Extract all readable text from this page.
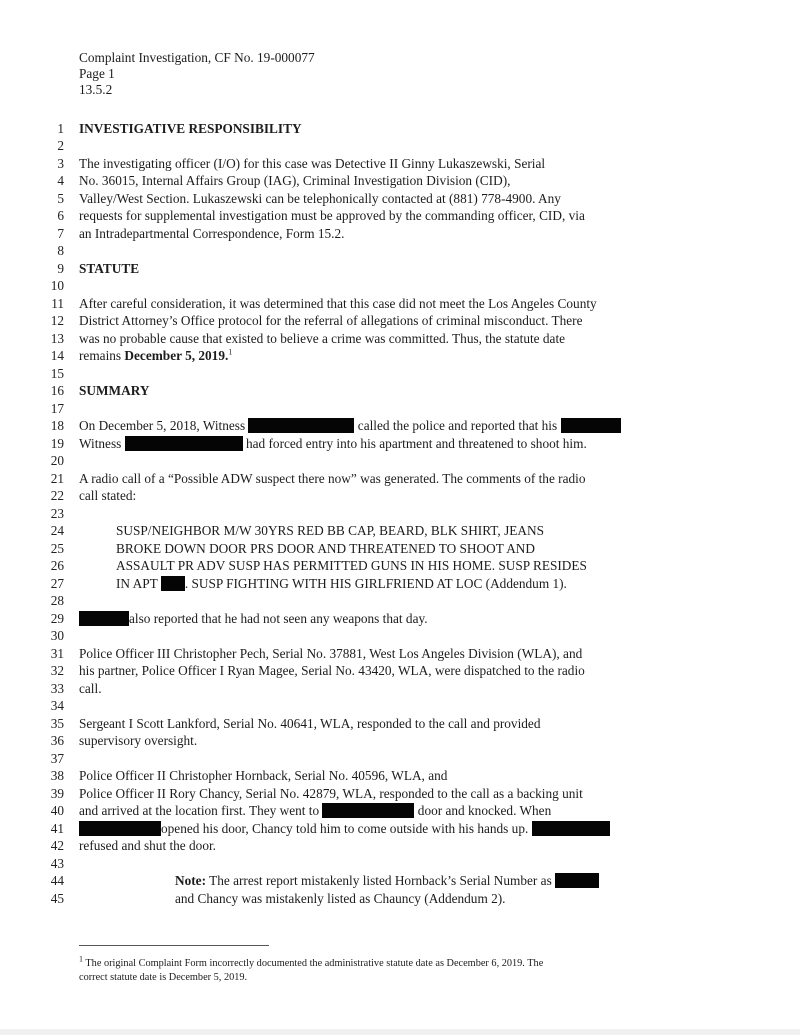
Complaint Investigation, CF No. 19-000077
Page 1
13.5.2
1
2
3
4
5
6
7
8
9
10
11
12
13
14
15
16
17
18
19
20
21
22
23
24
25
26
27
28
29
30
31
32
33
34
35
36
37
38
39
40
41
42
43
44
45
INVESTIGATIVE RESPONSIBILITY
The investigating officer (I/O) for this case was Detective II Ginny Lukaszewski, Serial
No. 36015, Internal Affairs Group (IAG), Criminal Investigation Division (CID),
Valley/West Section. Lukaszewski can be telephonically contacted at (881) 778-4900. Any
requests for supplemental investigation must be approved by the commanding officer, CID, via
an Intradepartmental Correspondence, Form 15.2.
STATUTE
After careful consideration, it was determined that this case did not meet the Los Angeles County
District Attorney’s Office protocol for the referral of allegations of criminal misconduct. There
was no probable cause that existed to believe a crime was committed. Thus, the statute date
remains December 5, 2019.$^1$
SUMMARY
On December 5, 2018, Witness	called the police and reported that his
Witness	had forced entry into his apartment and threatened to shoot him.
A radio call of a “Possible ADW suspect there now” was generated. The comments of the radio
call stated:
SUSP/NEIGHBOR M/W 30YRS RED BB CAP, BEARD, BLK SHIRT, JEANS
BROKE DOWN DOOR PRS DOOR AND THREATENED TO SHOOT AND
ASSAULT PR ADV SUSP HAS PERMITTED GUNS IN HIS HOME. SUSP RESIDES
IN APT . SUSP FIGHTING WITH HIS GIRLFRIEND AT LOC (Addendum 1).
also reported that he had not seen any weapons that day.
Police Officer III Christopher Pech, Serial No. 37881, West Los Angeles Division (WLA), and
his partner, Police Officer I Ryan Magee, Serial No. 43420, WLA, were dispatched to the radio
call.
Sergeant I Scott Lankford, Serial No. 40641, WLA, responded to the call and provided
supervisory oversight.
Police Officer II Christopher Hornback, Serial No. 40596, WLA, and
Police Officer II Rory Chancy, Serial No. 42879, WLA, responded to the call as a backing unit
and arrived at the location first. They went to	door and knocked. When
opened his door, Chancy told him to come outside with his hands up.
refused and shut the door.
Note: The arrest report mistakenly listed Hornback’s Serial Number as
and Chancy was mistakenly listed as Chauncy (Addendum 2).
$^1$ The original Complaint Form incorrectly documented the administrative statute date as December 6, 2019. The
correct statute date is December 5, 2019.
